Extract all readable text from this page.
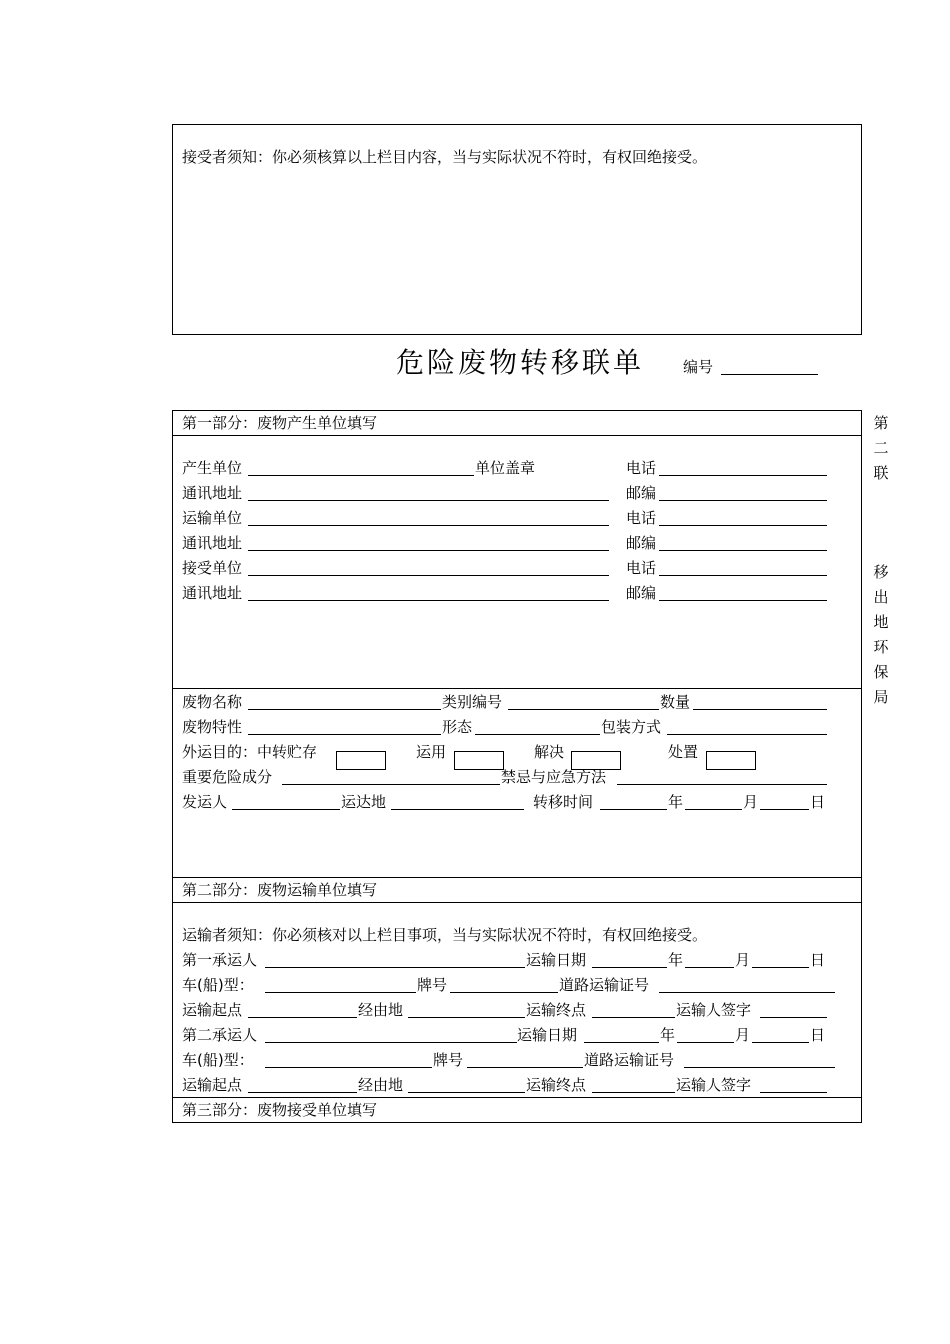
接受者须知：你必须核算以上栏目内容，当与实际状况不符时，有权回绝接受。
危险废物转移联单	编号
第
二
联
移
出
地
环
保
局
第一部分：废物产生单位填写
产生单位	单位盖章	电话
通讯地址	邮编
运输单位	电话
通讯地址	邮编
接受单位	电话
通讯地址	邮编
废物名称	类别编号	数量
废物特性	形态	包装方式
外运目的：中转贮存	运用	解决	处置
重要危险成分	禁忌与应急方法
发运人	运达地	转移时间	年	月	日
第二部分：废物运输单位填写
运输者须知：你必须核对以上栏目事项，当与实际状况不符时，有权回绝接受。
第一承运人	运输日期	年	月	日
车(船)型：	牌号	道路运输证号
运输起点	经由地	运输终点	运输人签字
第二承运人	运输日期	年	月	日
车(船)型：	牌号	道路运输证号
运输起点	经由地	运输终点	运输人签字
第三部分：废物接受单位填写
